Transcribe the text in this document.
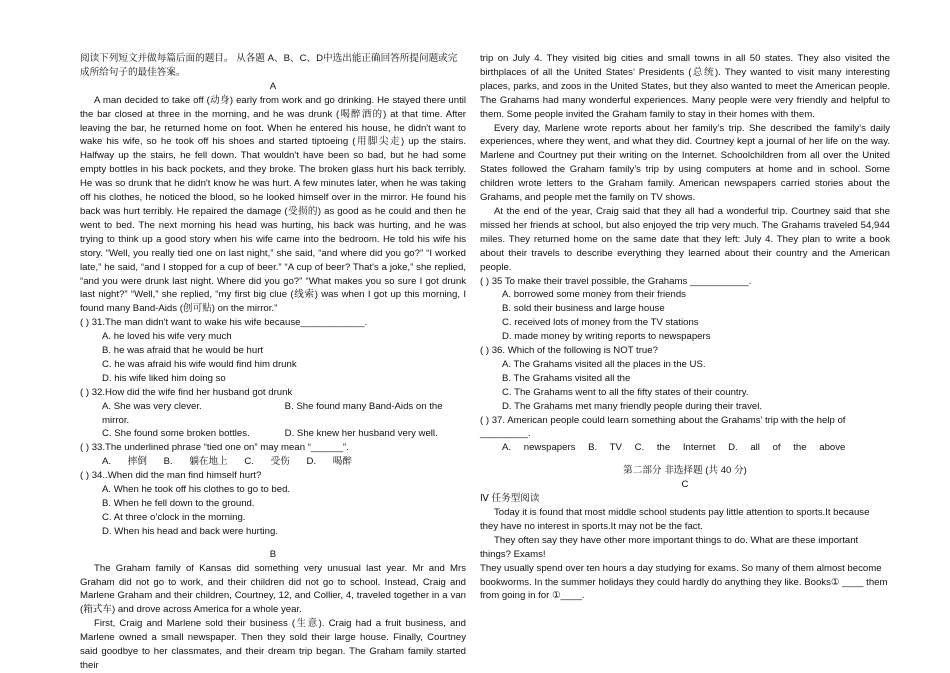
阅读下列短文并做每篇后面的题目。 从各题 A、B、C、D中选出能正确回答所提问题或完成所给句子的最佳答案。

A

A man decided to take off (动身) early from work and go drinking. He stayed there until the bar closed at three in the morning, and he was drunk (喝醉酒的) at that time. After leaving the bar, he returned home on foot. When he entered his house, he didn't want to wake his wife, so he took off his shoes and started tiptoeing (用脚尖走) up the stairs. Halfway up the stairs, he fell down. That wouldn't have been so bad, but he had some empty bottles in his back pockets, and they broke. The broken glass hurt his back terribly. He was so drunk that he didn't know he was hurt. A few minutes later, when he was taking off his clothes, he noticed the blood, so he looked himself over in the mirror. He found his back was hurt terribly. He repaired the damage (受损的) as good as he could and then he went to bed. The next morning his head was hurting, his back was hurting, and he was trying to think up a good story when his wife came into the bedroom. He told his wife his story. “Well, you really tied one on last night,” she said, “and where did you go?” “I worked late,” he said, “and I stopped for a cup of beer.” “A cup of beer? That's a joke,” she replied, “and you were drunk last night. Where did you go?” “What makes you so sure I got drunk last night?” “Well,” she replied, “my first big clue (线索) was when I got up this morning, I found many Band-Aids (创可贴) on the mirror.”

( ) 31.The man didn't want to wake his wife because____________.

A. he loved his wife very much

B. he was afraid that he would be hurt

C. he was afraid his wife would find him drunk

D. his wife liked him doing so

( ) 32.How did the wife find her husband got drunk

A. She was very clever.	B. She found many Band-Aids on the mirror.

C. She found some broken bottles.	D. She knew her husband very well.

( ) 33.The underlined phrase “tied one on” may mean “______”.

A. 摔倒 B. 躺在地上 C. 受伤 D. 喝醉

( ) 34..When did the man find himself hurt?

A. When he took off his clothes to go to bed.

B. When he fell down to the ground.

C. At three o’clock in the morning.

D. When his head and back were hurting.

B

The Graham family of Kansas did something very unusual last year. Mr and Mrs Graham did not go to work, and their children did not go to school. Instead, Craig and Marlene Graham and their children, Courtney, 12, and Collier, 4, traveled together in a van (箱式车) and drove across America for a whole year.

First, Craig and Marlene sold their business (生意). Craig had a fruit business, and Marlene owned a small newspaper. Then they sold their large house. Finally, Courtney said goodbye to her classmates, and their dream trip began. The Graham family started their

trip on July 4. They visited big cities and small towns in all 50 states. They also visited the birthplaces of all the United States’ Presidents (总统). They wanted to visit many interesting places, parks, and zoos in the United States, but they also wanted to meet the American people. The Grahams had many wonderful experiences. Many people were very friendly and helpful to them. Some people invited the Graham family to stay in their homes with them.

Every day, Marlene wrote reports about her family’s trip. She described the family’s daily experiences, where they went, and what they did. Courtney kept a journal of her life on the way. Marlene and Courtney put their writing on the Internet. Schoolchildren from all over the United States followed the Graham family’s trip by using computers at home and in school. Some children wrote letters to the Graham family. American newspapers carried stories about the Grahams, and people met the family on TV shows.

At the end of the year, Craig said that they all had a wonderful trip. Courtney said that she missed her friends at school, but also enjoyed the trip very much. The Grahams traveled 54,944 miles. They returned home on the same date that they left: July 4. They plan to write a book about their travels to describe everything they learned about their country and the American people.

( ) 35 To make their travel possible, the Grahams ___________.

A. borrowed some money from their friends

B. sold their business and large house

C. received lots of money from the TV stations

D. made money by writing reports to newspapers

( ) 36. Which of the following is NOT true?

A. The Grahams visited all the places in the US.

B. The Grahams visited all the

C. The Grahams went to all the fifty states of their country.

D. The Grahams met many friendly people during their travel.

( ) 37. American people could learn something about the Grahams’ trip with the help of _________.

A. newspapers B. TV C. the Internet D. all of the above

第二部分 非选择题 (共 40 分)

C

Ⅳ 任务型阅读

Today it is found that most middle school students pay little attention to sports.It because they have no interest in sports.It may not be the fact.

They often say they have other more important things to do. What are these important things? Exams!

They usually spend over ten hours a day studying for exams. So many of them almost become bookworms. In the summer holidays they could hardly do anything they like. Books① ____ them from going in for ①____.
